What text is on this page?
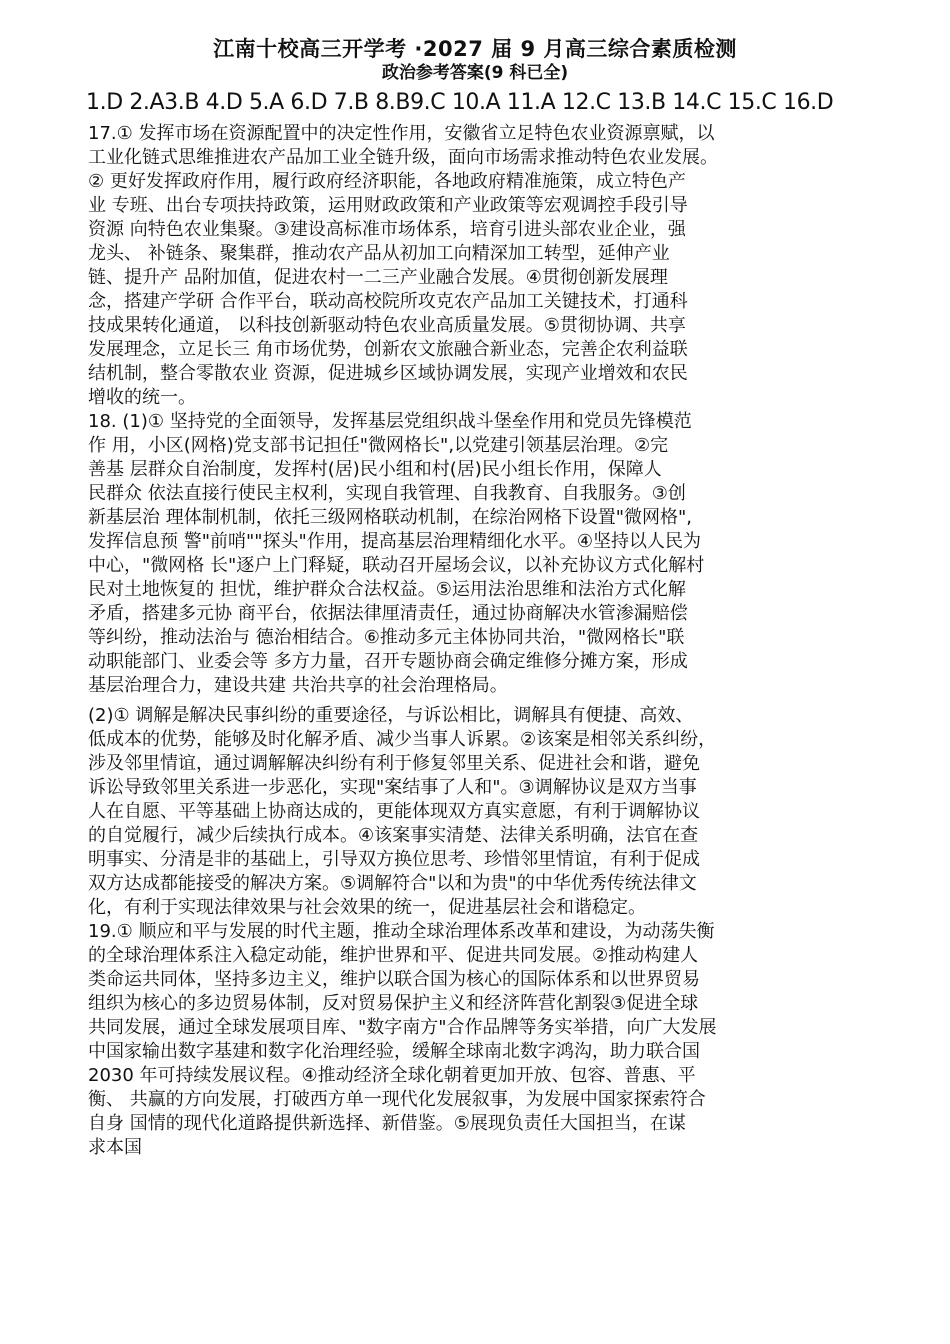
江南十校高三开学考 ·2027 届 9 月高三综合素质检测
政治参考答案(9 科已全)
1.D 2.A3.B 4.D 5.A 6.D 7.B 8.B9.C 10.A 11.A 12.C 13.B 14.C 15.C 16.D
17.① 发挥市场在资源配置中的决定性作用，安徽省立足特色农业资源禀赋，以
工业化链式思维推进农产品加工业全链升级，面向市场需求推动特色农业发展。
② 更好发挥政府作用，履行政府经济职能，各地政府精准施策，成立特色产
业 专班、出台专项扶持政策，运用财政政策和产业政策等宏观调控手段引导
资源 向特色农业集聚。③建设高标准市场体系，培育引进头部农业企业，强
龙头、 补链条、聚集群，推动农产品从初加工向精深加工转型，延伸产业
链、提升产 品附加值，促进农村一二三产业融合发展。④贯彻创新发展理
念，搭建产学研 合作平台，联动高校院所攻克农产品加工关键技术，打通科
技成果转化通道， 以科技创新驱动特色农业高质量发展。⑤贯彻协调、共享
发展理念，立足长三 角市场优势，创新农文旅融合新业态，完善企农利益联
结机制，整合零散农业 资源，促进城乡区域协调发展，实现产业增效和农民
增收的统一。
18. (1)① 坚持党的全面领导，发挥基层党组织战斗堡垒作用和党员先锋模范
作 用，小区(网格)党支部书记担任"微网格长",以党建引领基层治理。②完
善基 层群众自治制度，发挥村(居)民小组和村(居)民小组长作用，保障人
民群众 依法直接行使民主权利，实现自我管理、自我教育、自我服务。③创
新基层治 理体制机制，依托三级网格联动机制，在综治网格下设置"微网格",
发挥信息预 警"前哨""探头"作用，提高基层治理精细化水平。④坚持以人民为
中心，"微网格 长"逐户上门释疑，联动召开屋场会议，以补充协议方式化解村
民对土地恢复的 担忧，维护群众合法权益。⑤运用法治思维和法治方式化解
矛盾，搭建多元协 商平台，依据法律厘清责任，通过协商解决水管渗漏赔偿
等纠纷，推动法治与 德治相结合。⑥推动多元主体协同共治，"微网格长"联
动职能部门、业委会等 多方力量，召开专题协商会确定维修分摊方案，形成
基层治理合力，建设共建 共治共享的社会治理格局。
(2)① 调解是解决民事纠纷的重要途径，与诉讼相比，调解具有便捷、高效、
低成本的优势，能够及时化解矛盾、减少当事人诉累。②该案是相邻关系纠纷，
涉及邻里情谊，通过调解解决纠纷有利于修复邻里关系、促进社会和谐，避免
诉讼导致邻里关系进一步恶化，实现"案结事了人和"。③调解协议是双方当事
人在自愿、平等基础上协商达成的，更能体现双方真实意愿，有利于调解协议
的自觉履行，减少后续执行成本。④该案事实清楚、法律关系明确，法官在查
明事实、分清是非的基础上，引导双方换位思考、珍惜邻里情谊，有利于促成
双方达成都能接受的解决方案。⑤调解符合"以和为贵"的中华优秀传统法律文
化，有利于实现法律效果与社会效果的统一，促进基层社会和谐稳定。
19.① 顺应和平与发展的时代主题，推动全球治理体系改革和建设，为动荡失衡
的全球治理体系注入稳定动能，维护世界和平、促进共同发展。②推动构建人
类命运共同体，坚持多边主义，维护以联合国为核心的国际体系和以世界贸易
组织为核心的多边贸易体制，反对贸易保护主义和经济阵营化割裂③促进全球
共同发展，通过全球发展项目库、"数字南方"合作品牌等务实举措，向广大发展
中国家输出数字基建和数字化治理经验，缓解全球南北数字鸿沟，助力联合国
2030 年可持续发展议程。④推动经济全球化朝着更加开放、包容、普惠、平
衡、 共赢的方向发展，打破西方单一现代化发展叙事，为发展中国家探索符合
自身 国情的现代化道路提供新选择、新借鉴。⑤展现负责任大国担当，在谋
求本国
